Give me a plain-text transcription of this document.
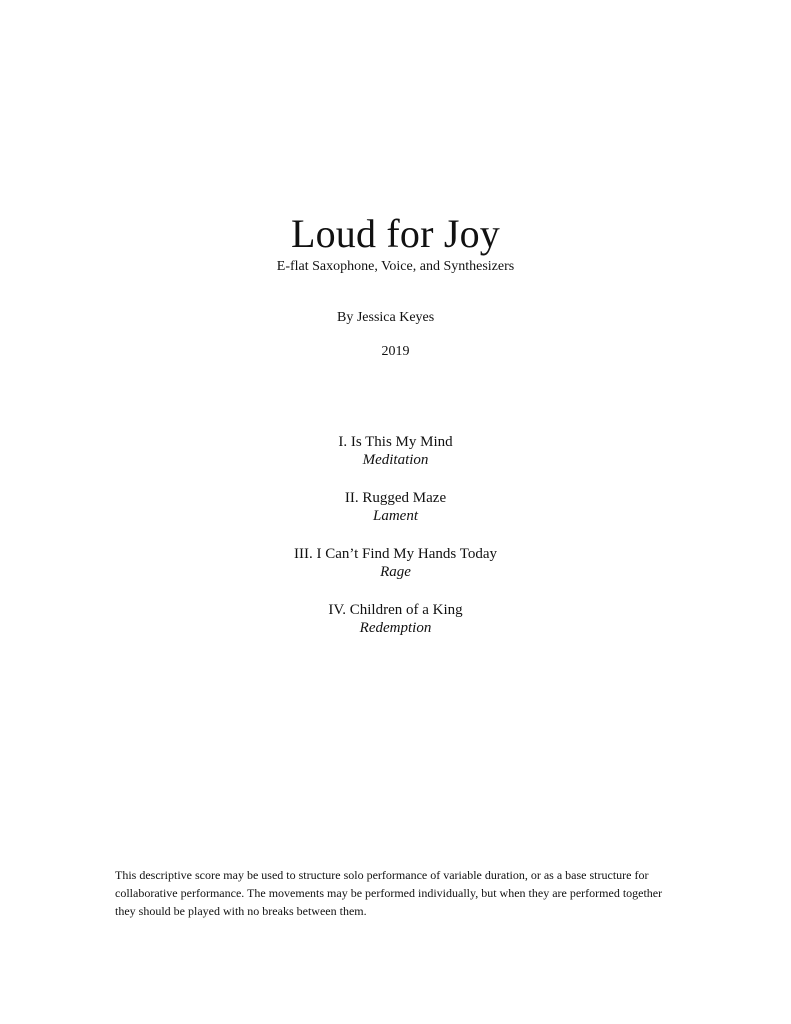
Loud for Joy
E-flat Saxophone, Voice, and Synthesizers
By Jessica Keyes
2019
I. Is This My Mind
Meditation
II. Rugged Maze
Lament
III. I Can’t Find My Hands Today
Rage
IV. Children of a King
Redemption
This descriptive score may be used to structure solo performance of variable duration, or as a base structure for collaborative performance. The movements may be performed individually, but when they are performed together they should be played with no breaks between them.
